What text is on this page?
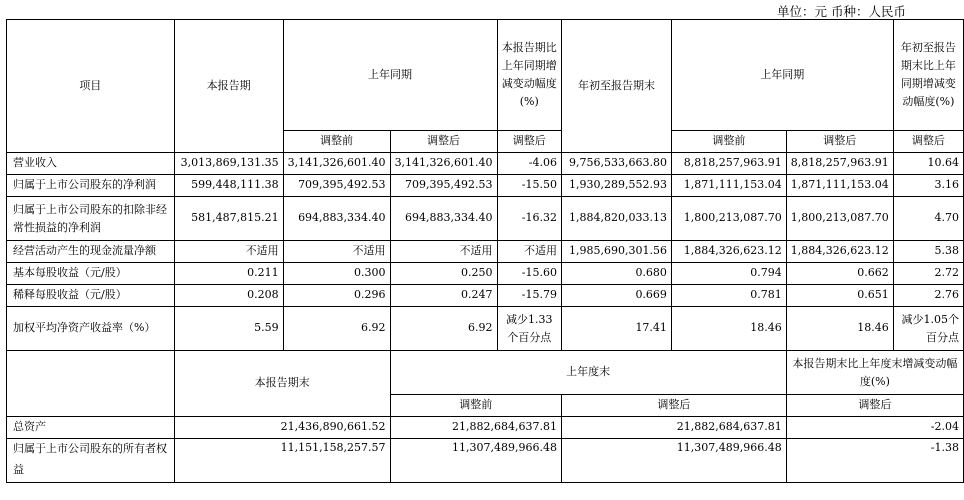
单位：元 币种：人民币
项目	本报告期	上年同期		本报告期比上年同期增减变动幅度(%)	年初至报告期末	上年同期		年初至报告期末比上年同期增减变动幅度(%)
		调整前	调整后	调整后		调整前	调整后	调整后
营业收入	3,013,869,131.35	3,141,326,601.40	3,141,326,601.40	-4.06	9,756,533,663.80	8,818,257,963.91	8,818,257,963.91	10.64
归属于上市公司股东的净利润	599,448,111.38	709,395,492.53	709,395,492.53	-15.50	1,930,289,552.93	1,871,111,153.04	1,871,111,153.04	3.16
归属于上市公司股东的扣除非经常性损益的净利润	581,487,815.21	694,883,334.40	694,883,334.40	-16.32	1,884,820,033.13	1,800,213,087.70	1,800,213,087.70	4.70
经营活动产生的现金流量净额	不适用	不适用	不适用	不适用	1,985,690,301.56	1,884,326,623.12	1,884,326,623.12	5.38
基本每股收益（元/股）	0.211	0.300	0.250	-15.60	0.680	0.794	0.662	2.72
稀释每股收益（元/股）	0.208	0.296	0.247	-15.79	0.669	0.781	0.651	2.76
加权平均净资产收益率（%）	5.59	6.92	6.92	减少1.33个百分点	17.41	18.46	18.46	减少1.05个百分点
	本报告期末		上年度末				本报告期末比上年度末增减变动幅度(%)	
			调整前		调整后		调整后	
总资产	21,436,890,661.52		21,882,684,637.81		21,882,684,637.81		-2.04	
归属于上市公司股东的所有者权益	11,151,158,257.57		11,307,489,966.48		11,307,489,966.48		-1.38	
